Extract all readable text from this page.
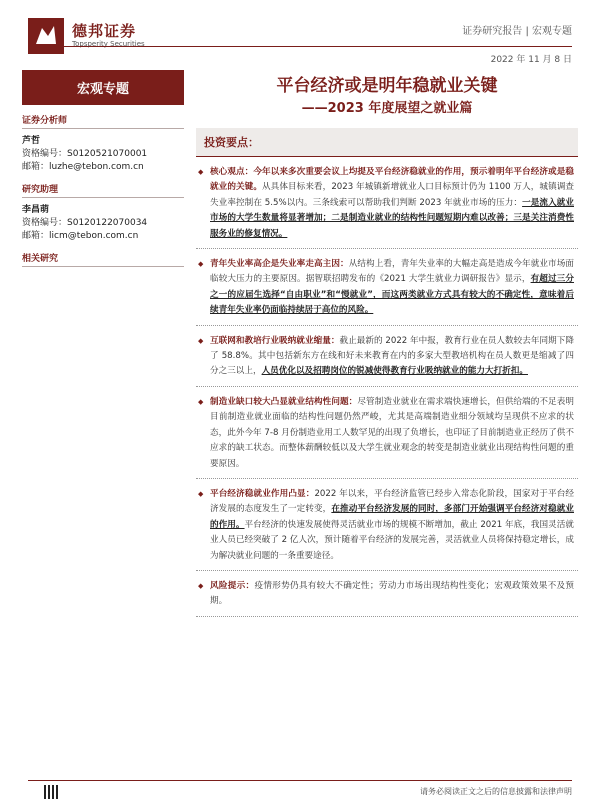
德邦证券
Topsperity Securities
证券研究报告 | 宏观专题
2022 年 11 月 8 日
宏观专题
证券分析师
芦哲
资格编号：S0120521070001
邮箱：luzhe@tebon.com.cn
研究助理
李昌萌
资格编号：S0120122070034
邮箱：licm@tebon.com.cn
相关研究
平台经济或是明年稳就业关键
——2023 年度展望之就业篇
投资要点：
◆ 核心观点：今年以来多次重要会议上均提及平台经济稳就业的作用，预示着明年平台经济或是稳就业的关键。从具体目标来看，2023 年城镇新增就业人口目标预计仍为 1100 万人，城镇调查失业率控制在 5.5%以内。三条线索可以帮助我们判断 2023 年就业市场的压力：一是流入就业市场的大学生数量将显著增加；二是制造业就业的结构性问题短期内难以改善；三是关注消费性服务业的修复情况。
◆ 青年失业率高企是失业率走高主因：从结构上看，青年失业率的大幅走高是造成今年就业市场面临较大压力的主要原因。据智联招聘发布的《2021 大学生就业力调研报告》显示，有超过三分之一的应届生选择“自由职业”和“慢就业”，而这两类就业方式具有较大的不确定性，意味着后续青年失业率仍面临持续居于高位的风险。
◆ 互联网和教培行业吸纳就业缩量：截止最新的 2022 年中报，教育行业在员人数较去年同期下降了 58.8%。其中包括新东方在线和好未来教育在内的多家大型教培机构在员人数更是缩减了四分之三以上，人员优化以及招聘岗位的锐减使得教育行业吸纳就业的能力大打折扣。
◆ 制造业缺口较大凸显就业结构性问题：尽管制造业就业在需求端快速增长，但供给端的不足表明目前制造业就业面临的结构性问题仍然严峻，尤其是高端制造业细分领域均呈现供不应求的状态，此外今年 7-8 月份制造业用工人数罕见的出现了负增长，也印证了目前制造业正经历了供不应求的缺工状态。而整体薪酬较低以及大学生就业观念的转变是制造业就业出现结构性问题的重要原因。
◆ 平台经济稳就业作用凸显：2022 年以来，平台经济监管已经步入常态化阶段，国家对于平台经济发展的态度发生了一定转变，在推动平台经济发展的同时，多部门开始强调平台经济对稳就业的作用。平台经济的快速发展使得灵活就业市场的规模不断增加，截止 2021 年底，我国灵活就业人员已经突破了 2 亿人次，预计随着平台经济的发展完善，灵活就业人员将保持稳定增长，成为解决就业问题的一条重要途径。
◆ 风险提示：疫情形势仍具有较大不确定性；劳动力市场出现结构性变化；宏观政策效果不及预期。
请务必阅读正文之后的信息披露和法律声明
